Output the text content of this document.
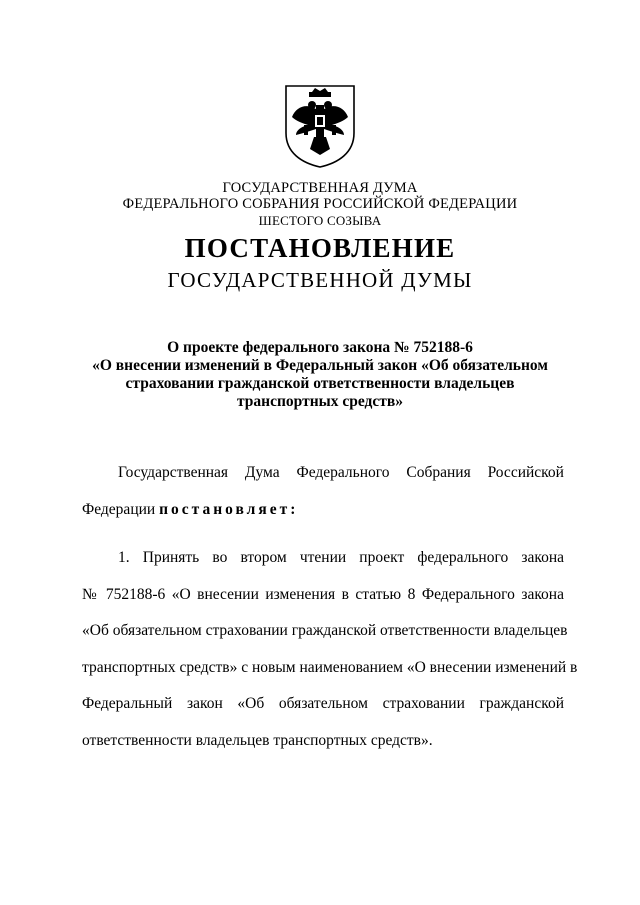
ГОСУДАРСТВЕННАЯ ДУМА
ФЕДЕРАЛЬНОГО СОБРАНИЯ РОССИЙСКОЙ ФЕДЕРАЦИИ
ШЕСТОГО СОЗЫВА
ПОСТАНОВЛЕНИЕ
ГОСУДАРСТВЕННОЙ ДУМЫ
О проекте федерального закона № 752188-6
«О внесении изменений в Федеральный закон «Об обязательном
страховании гражданской ответственности владельцев
транспортных средств»
Государственная Дума Федерального Собрания Российской
Федерации постановляет:
1. Принять во втором чтении проект федерального закона
№ 752188-6 «О внесении изменения в статью 8 Федерального закона
«Об обязательном страховании гражданской ответственности владельцев
транспортных средств» с новым наименованием «О внесении изменений в
Федеральный закон «Об обязательном страховании гражданской
ответственности владельцев транспортных средств».
